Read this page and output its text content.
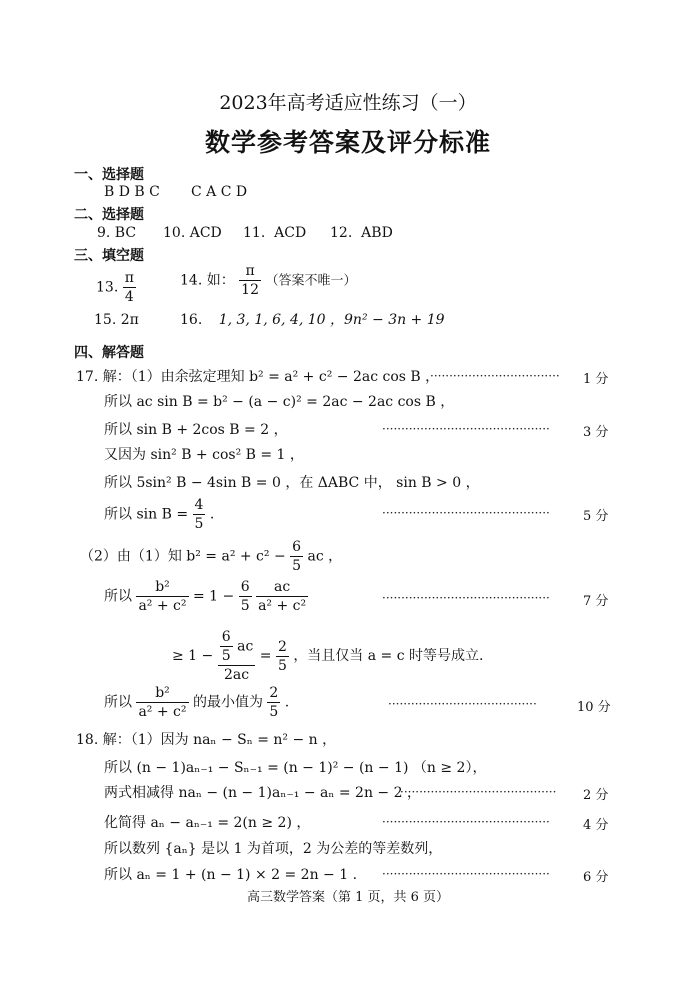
2023年高考适应性练习（一）
数学参考答案及评分标准
一、选择题
B D B C       C A C D
二、选择题
9. BC 10. ACD 11.  ACD 12.  ABD
三、填空题
13. $\frac{\pi}{4}$	14. 如： $\frac{\pi}{12}$ （答案不唯一）
15. 2π	16. 1, 3, 1, 6, 4, 10 ，9n² − 3n + 19
四、解答题
17. 解：（1）由余弦定理知 b² = a² + c² − 2ac cos B ，
·································· 1 分
所以 ac sin B = b² − (a − c)² = 2ac − 2ac cos B ，
所以 sin B + 2cos B = 2 ，	············································	3 分
又因为 sin² B + cos² B = 1 ，
所以 5sin² B − 4sin B = 0 ，在 ΔABC 中， sin B > 0 ，
所以 $\sin B = \frac{4}{5}$ .	············································	5 分
（2）由（1）知 $b^2 = a^2 + c^2 - \frac{6}{5}$ ac ，
所以 $\frac{\text{b²}}{\text{a² + c²}} = 1 - \frac{6}{5}$
$\frac{ac}{\text{a² + c²}}$	············································	7 分
≥ $1 - \frac{\frac{6}{5} ac}{2ac} = \frac{2}{5}$ ，当且仅当 a = c 时等号成立.
所以 $\frac{\text{b²}}{\text{a² + c²}}$ 的最小值为 $\frac{2}{5}$ .	·······································	10 分
18. 解：（1）因为 naₙ − Sₙ = n² − n ，
所以 (n − 1)aₙ₋₁ − Sₙ₋₁ = (n − 1)² − (n − 1) （n ≥ 2），
两式相减得 naₙ − (n − 1)aₙ₋₁ − aₙ = 2n − 2 ，
········································· 2 分
化简得 aₙ − aₙ₋₁ = 2(n ≥ 2) ，	············································	4 分
所以数列 {aₙ} 是以 1 为首项，2 为公差的等差数列，
所以 aₙ = 1 + (n − 1) × 2 = 2n − 1 . ············································	6 分
高三数学答案（第 1 页，共 6 页）
